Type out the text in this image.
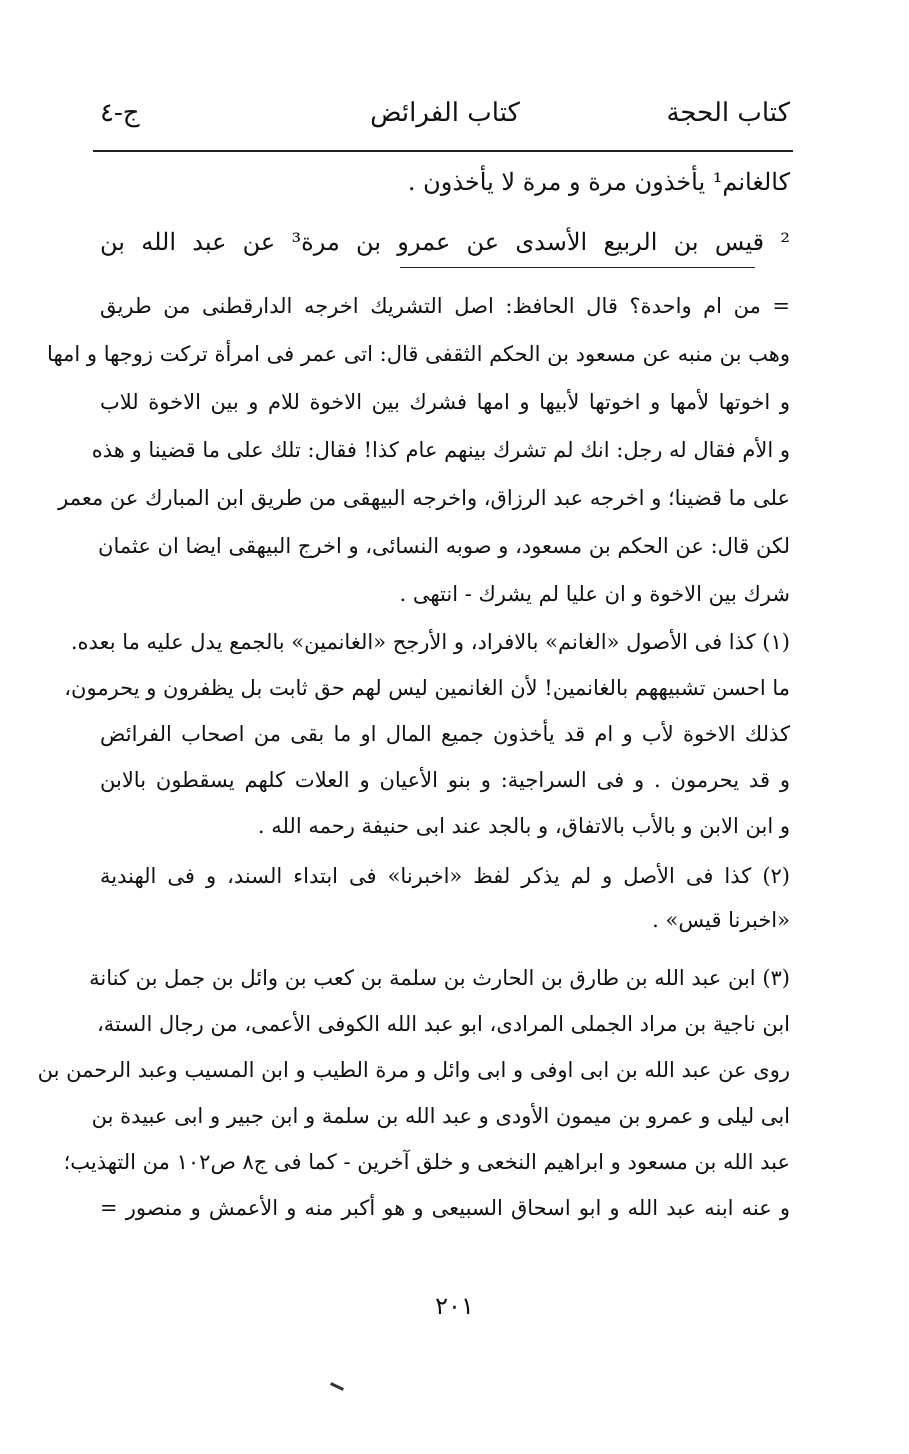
كتاب الحجة
كتاب الفرائض
ج-٤
كالغانم¹ يأخذون مرة و مرة لا يأخذون .
² قيس بن الربيع الأسدى عن عمرو بن مرة³ عن عبد الله بن
= من ام واحدة؟ قال الحافظ: اصل التشريك اخرجه الدارقطنى من طريق
وهب بن منبه عن مسعود بن الحكم الثقفى قال: اتى عمر فى امرأة تركت زوجها و امها
و اخوتها لأمها و اخوتها لأبيها و امها فشرك بين الاخوة للام و بين الاخوة للاب
و الأم فقال له رجل: انك لم تشرك بينهم عام كذا! فقال: تلك على ما قضينا و هذه
على ما قضينا؛ و اخرجه عبد الرزاق، واخرجه البيهقى من طريق ابن المبارك عن معمر
لكن قال: عن الحكم بن مسعود، و صوبه النسائى، و اخرج البيهقى ايضا ان عثمان
شرك بين الاخوة و ان عليا لم يشرك - انتهى .
(١) كذا فى الأصول «الغانم» بالافراد، و الأرجح «الغانمين» بالجمع يدل عليه ما بعده.
ما احسن تشبيههم بالغانمين! لأن الغانمين ليس لهم حق ثابت بل يظفرون و يحرمون،
كذلك الاخوة لأب و ام قد يأخذون جميع المال او ما بقى من اصحاب الفرائض
و قد يحرمون . و فى السراجية: و بنو الأعيان و العلات كلهم يسقطون بالابن
و ابن الابن و بالأب بالاتفاق، و بالجد عند ابى حنيفة رحمه الله .
(٢) كذا فى الأصل و لم يذكر لفظ «اخبرنا» فى ابتداء السند، و فى الهندية
«اخبرنا قيس» .
(٣) ابن عبد الله بن طارق بن الحارث بن سلمة بن كعب بن وائل بن جمل بن كنانة
ابن ناجية بن مراد الجملى المرادى، ابو عبد الله الكوفى الأعمى، من رجال الستة،
روى عن عبد الله بن ابى اوفى و ابى وائل و مرة الطيب و ابن المسيب وعبد الرحمن بن
ابى ليلى و عمرو بن ميمون الأودى و عبد الله بن سلمة و ابن جبير و ابى عبيدة بن
عبد الله بن مسعود و ابراهيم النخعى و خلق آخرين - كما فى ج٨ ص١٠٢ من التهذيب؛
و عنه ابنه عبد الله و ابو اسحاق السبيعى و هو أكبر منه و الأعمش و منصور =
٢٠١
